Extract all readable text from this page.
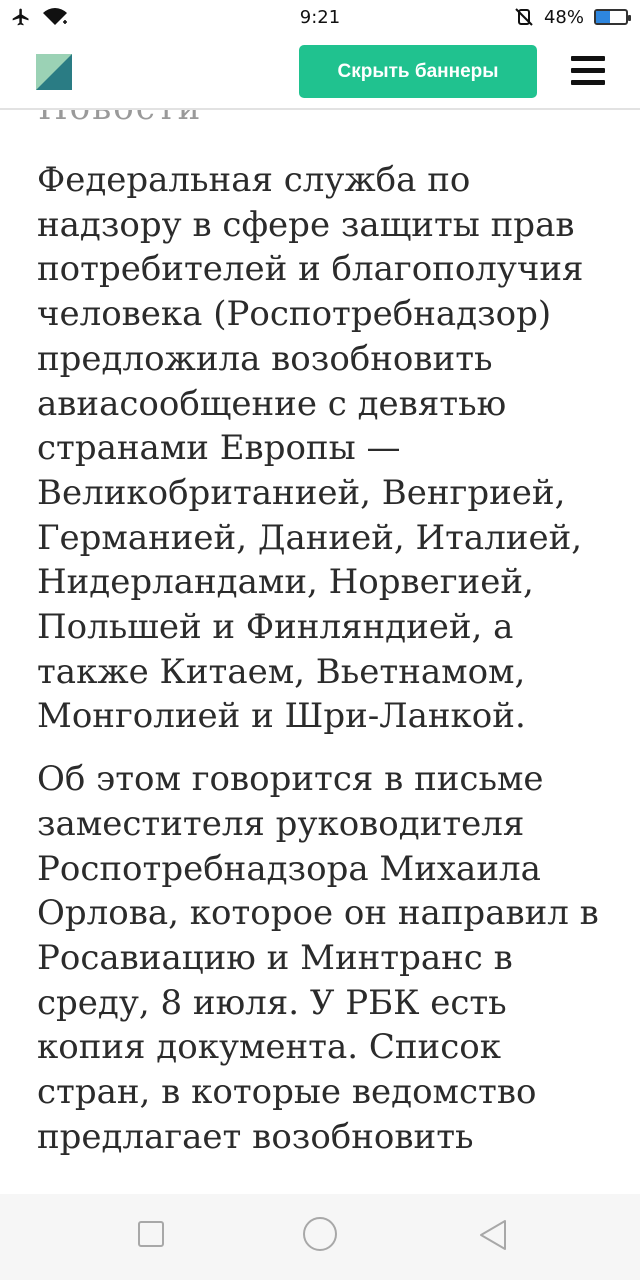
9:21	48%
Скрыть баннеры

Федеральная служба по надзору в сфере защиты прав потребителей и благополучия человека (Роспотребнадзор) предложила возобновить авиасообщение с девятью странами Европы — Великобританией, Венгрией, Германией, Данией, Италией, Нидерландами, Норвегией, Польшей и Финляндией, а также Китаем, Вьетнамом, Монголией и Шри-Ланкой.

Об этом говорится в письме заместителя руководителя Роспотребнадзора Михаила Орлова, которое он направил в Росавиацию и Минтранс в среду, 8 июля. У РБК есть копия документа. Список стран, в которые ведомство предлагает возобновить
